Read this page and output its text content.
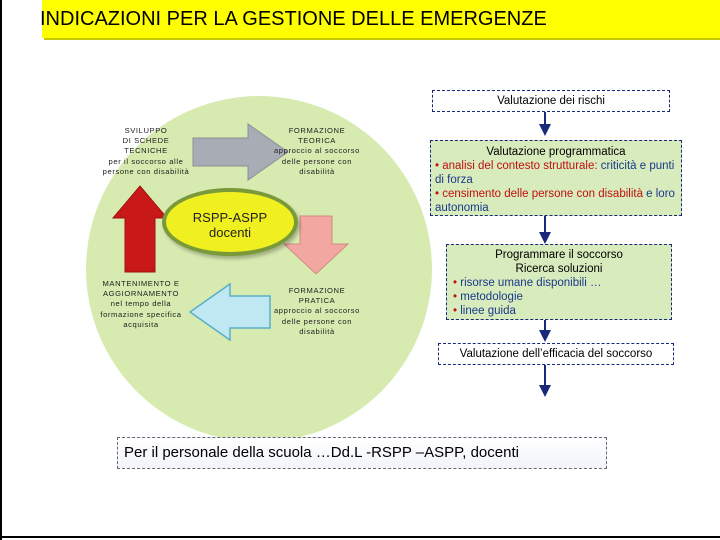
INDICAZIONI PER LA GESTIONE DELLE EMERGENZE
RSPP-ASPP
docenti
SVILUPPO
DI SCHEDE
TECNICHE
per il soccorso alle
persone con disabilità
FORMAZIONE
TEORICA
approccio al soccorso
delle persone con
disabilità
FORMAZIONE
PRATICA
approccio al soccorso
delle persone con
disabilità
MANTENIMENTO E
AGGIORNAMENTO
nel tempo della
formazione specifica
acquisita
Valutazione dei rischi
Valutazione programmatica
• analisi del contesto strutturale: criticità e punti di forza
• censimento delle persone con disabilità e loro autonomia
Programmare il soccorso
Ricerca soluzioni
• risorse umane disponibili …
• metodologie
• linee guida
Valutazione dell’efficacia del soccorso
Per il personale della scuola …Dd.L -RSPP –ASPP, docenti
